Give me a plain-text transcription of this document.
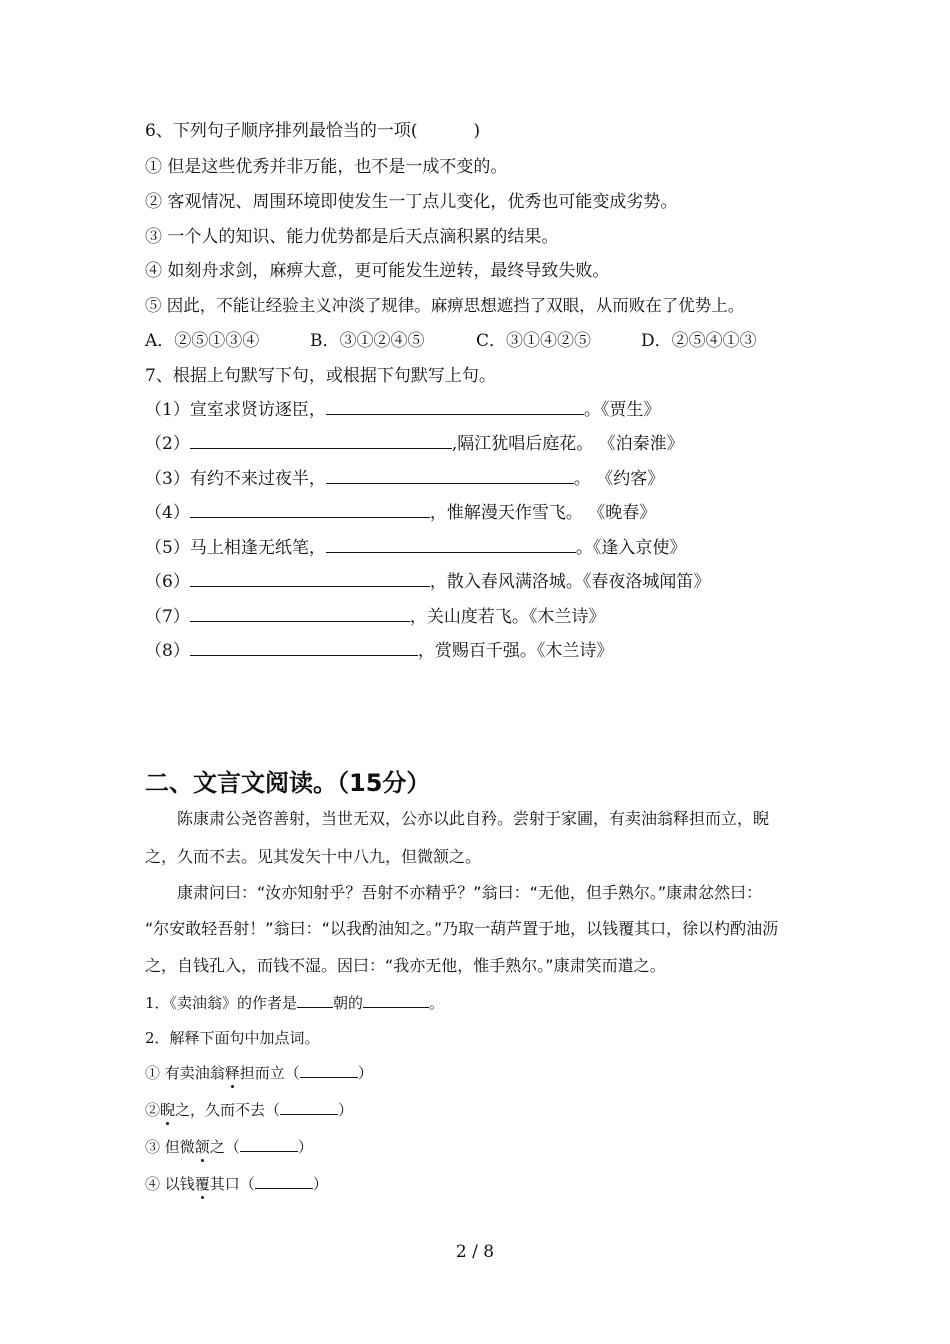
6、下列句子顺序排列最恰当的一项(	)
① 但是这些优秀并非万能，也不是一成不变的。
② 客观情况、周围环境即使发生一丁点儿变化，优秀也可能变成劣势。
③ 一个人的知识、能力优势都是后天点滴积累的结果。
④ 如刻舟求剑，麻痹大意，更可能发生逆转，最终导致失败。
⑤ 因此，不能让经验主义冲淡了规律。麻痹思想遮挡了双眼，从而败在了优势上。
A．②⑤①③④	B．③①②④⑤	C．③①④②⑤	D．②⑤④①③
7、根据上句默写下句，或根据下句默写上句。
（1）宣室求贤访逐臣，	。《贾生》
（2）	,隔江犹唱后庭花。 《泊秦淮》
（3）有约不来过夜半，	。 《约客》
（4）	，惟解漫天作雪飞。 《晚春》
（5）马上相逢无纸笔，	。《逢入京使》
（6）	，散入春风满洛城。《春夜洛城闻笛》
（7）	，关山度若飞。《木兰诗》
（8）	，赏赐百千强。《木兰诗》
二、文言文阅读。（15分）
陈康肃公尧咨善射，当世无双，公亦以此自矜。尝射于家圃，有卖油翁释担而立，睨
之，久而不去。见其发矢十中八九，但微颔之。
康肃问曰：“汝亦知射乎？吾射不亦精乎？”翁曰：“无他，但手熟尔。”康肃忿然曰：
“尔安敢轻吾射！”翁曰：“以我酌油知之。”乃取一葫芦置于地，以钱覆其口，徐以杓酌油沥
之，自钱孔入，而钱不湿。因曰：“我亦无他，惟手熟尔。”康肃笑而遣之。
1．《卖油翁》的作者是 朝的	。
2．解释下面句中加点词。
① 有卖油翁释担而立（	）
②睨之，久而不去（	）
③ 但微颔之（	）
④ 以钱覆其口（	）
2 / 8
